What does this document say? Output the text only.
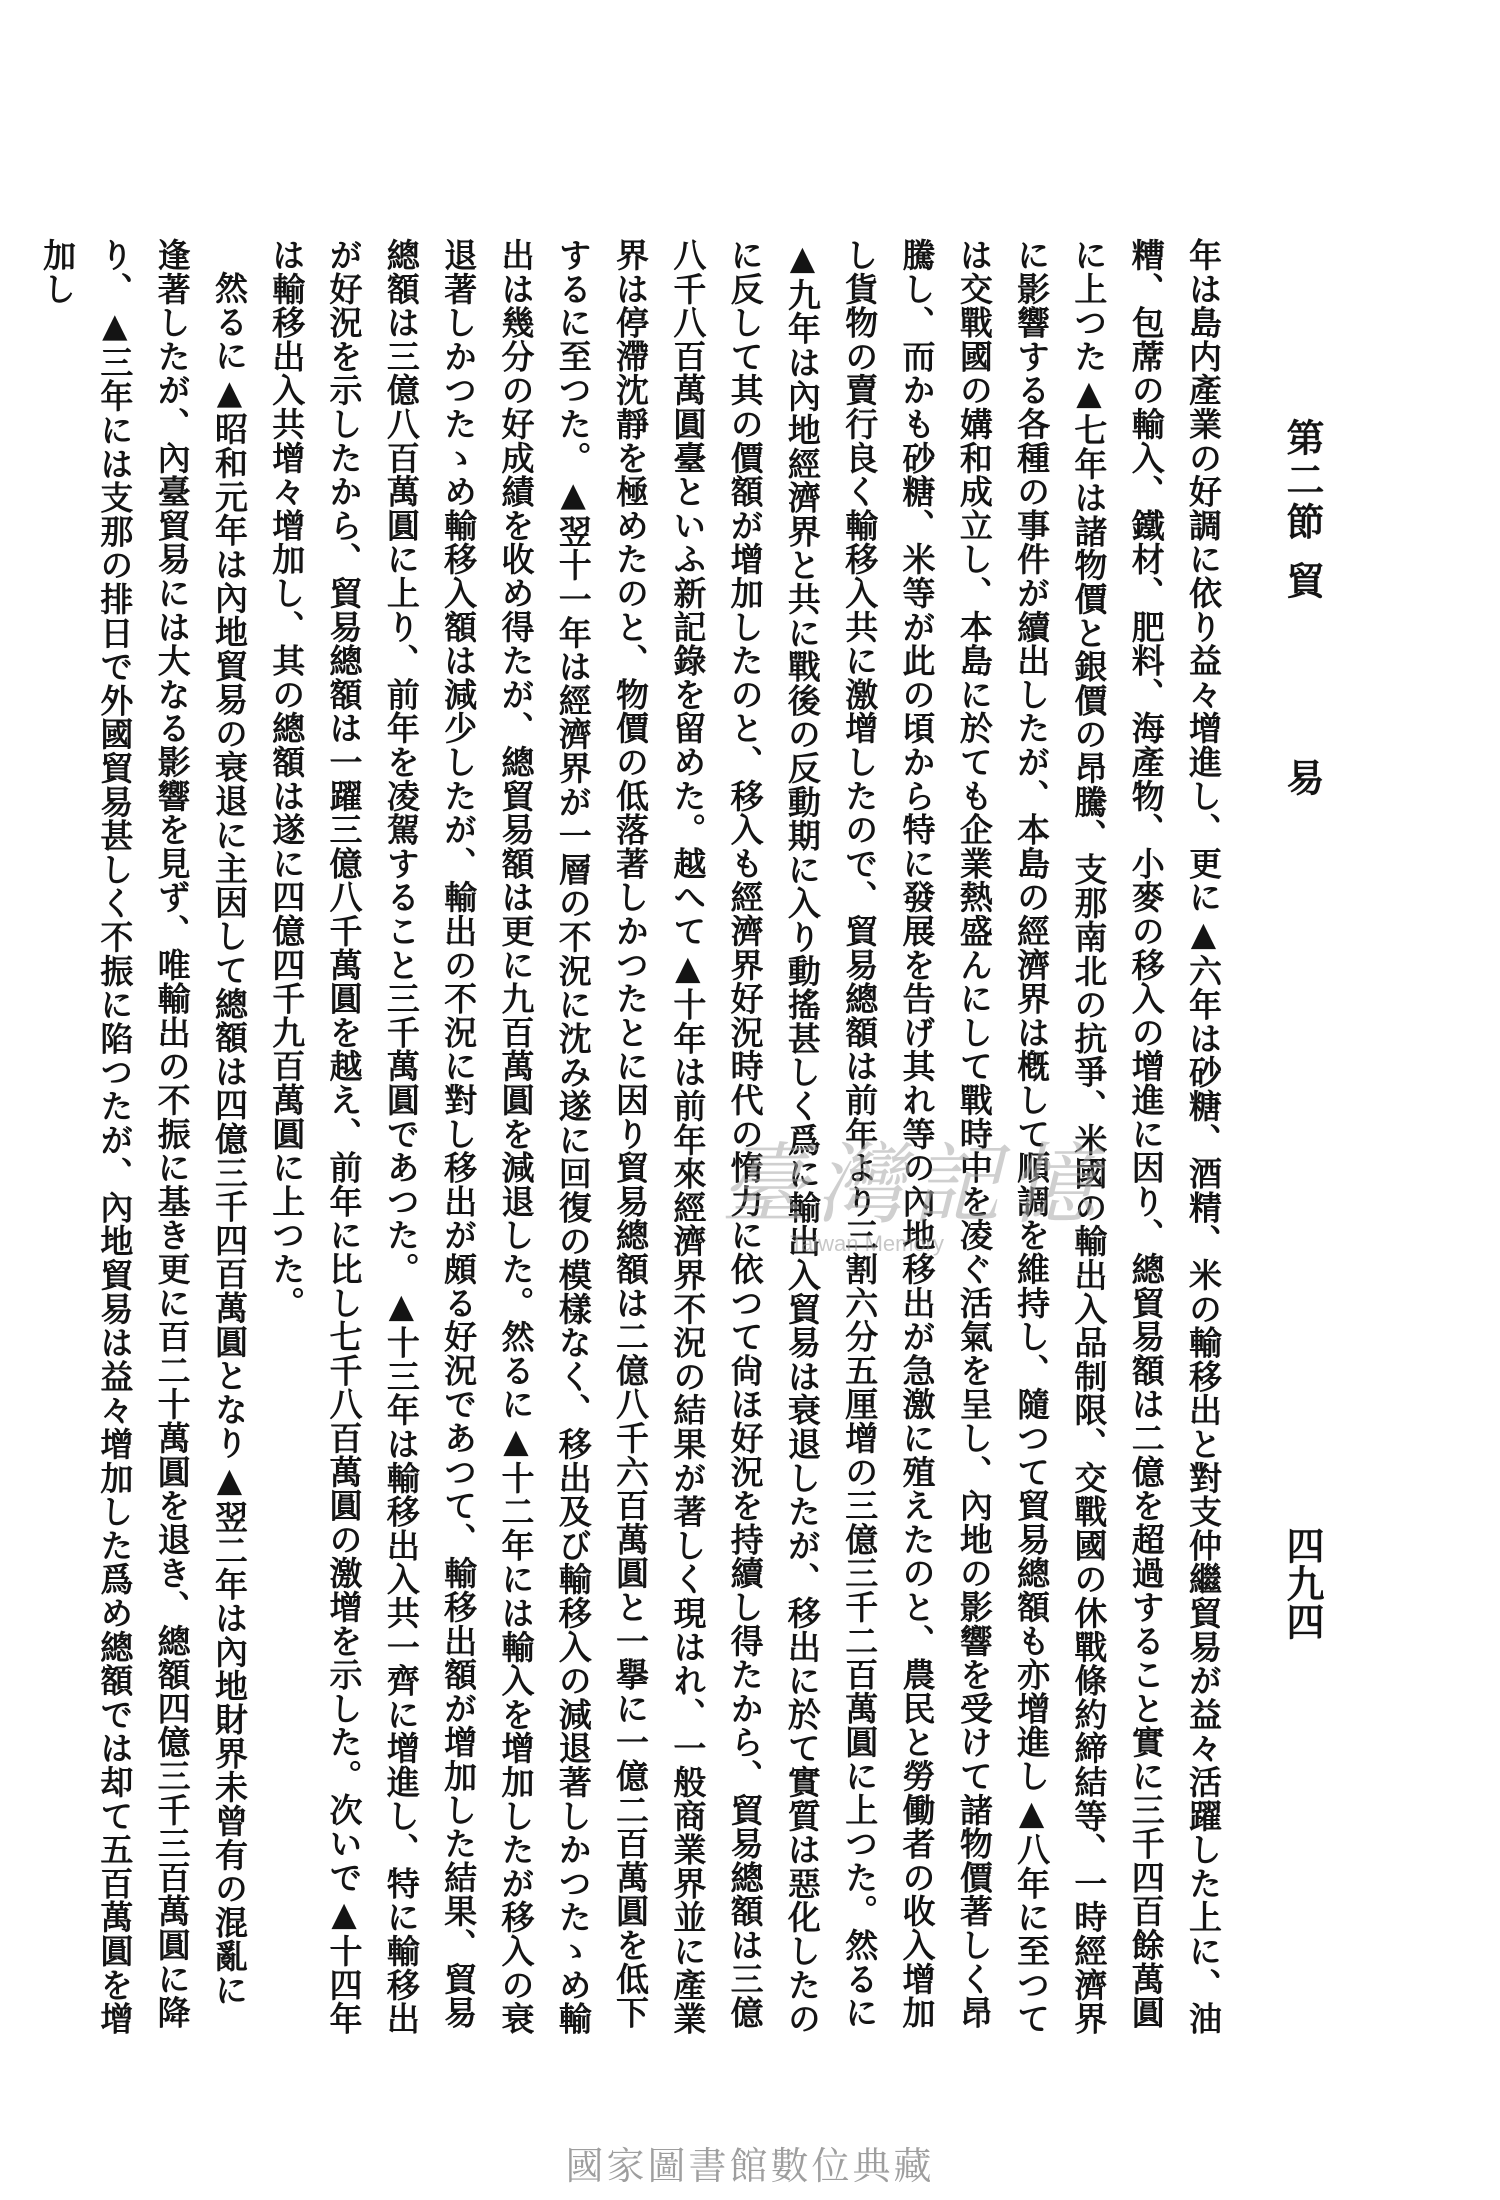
第二節 貿
易
四九四

年は島内產業の好調に依り益々增進し、更に▲六年は砂糖、酒精、米の輸移出と對支仲繼貿易が益々活躍した上に、油糟、包蓆の輸入、鐵材、肥料、海產物、小麥の移入の增進に因り、總貿易額は二億を超過すること實に三千四百餘萬圓に上つた▲七年は諸物價と銀價の昂騰、支那南北の抗爭、米國の輸出入品制限、交戰國の休戰條約締結等、一時經濟界に影響する各種の事件が續出したが、本島の經濟界は槪して順調を維持し、隨つて貿易總額も亦增進し▲八年に至つては交戰國の媾和成立し、本島に於ても企業熱盛んにして戰時中を凌ぐ活氣を呈し、內地の影響を受けて諸物價著しく昂騰し、而かも砂糖、米等が此の頃から特に發展を告げ其れ等の內地移出が急激に殖えたのと、農民と勞働者の收入增加し貨物の賣行良く輸移入共に激增したので、貿易總額は前年より三割六分五厘增の三億三千二百萬圓に上つた。然るに▲九年は內地經濟界と共に戰後の反動期に入り動搖甚しく爲に輸出入貿易は衰退したが、移出に於て實質は惡化したのに反して其の價額が增加したのと、移入も經濟界好況時代の惰力に依つて尙ほ好況を持續し得たから、貿易總額は三億八千八百萬圓臺といふ新記錄を留めた。越へて▲十年は前年來經濟界不況の結果が著しく現はれ、一般商業界並に產業界は停滯沈靜を極めたのと、物價の低落著しかつたとに因り貿易總額は二億八千六百萬圓と一擧に一億二百萬圓を低下するに至つた。▲翌十一年は經濟界が一層の不況に沈み遂に回復の模樣なく、移出及び輸移入の減退著しかつたゝめ輸出は幾分の好成績を收め得たが、總貿易額は更に九百萬圓を減退した。然るに▲十二年には輸入を增加したが移入の衰退著しかつたゝめ輸移入額は減少したが、輸出の不況に對し移出が頗る好況であつて、輸移出額が增加した結果、貿易總額は三億八百萬圓に上り、前年を凌駕すること三千萬圓であつた。▲十三年は輸移出入共一齊に增進し、特に輸移出が好況を示したから、貿易總額は一躍三億八千萬圓を越え、前年に比し七千八百萬圓の激增を示した。次いで▲十四年は輸移出入共增々增加し、其の總額は遂に四億四千九百萬圓に上つた。

然るに▲昭和元年は內地貿易の衰退に主因して總額は四億三千四百萬圓となり▲翌二年は內地財界未曾有の混亂に逢著したが、內臺貿易には大なる影響を見ず、唯輸出の不振に基き更に百二十萬圓を退き、總額四億三千三百萬圓に降り、▲三年には支那の排日で外國貿易甚しく不振に陷つたが、內地貿易は益々增加した爲め總額では却て五百萬圓を增加し

臺灣記憶
Taiwan Memory
國家圖書館數位典藏
